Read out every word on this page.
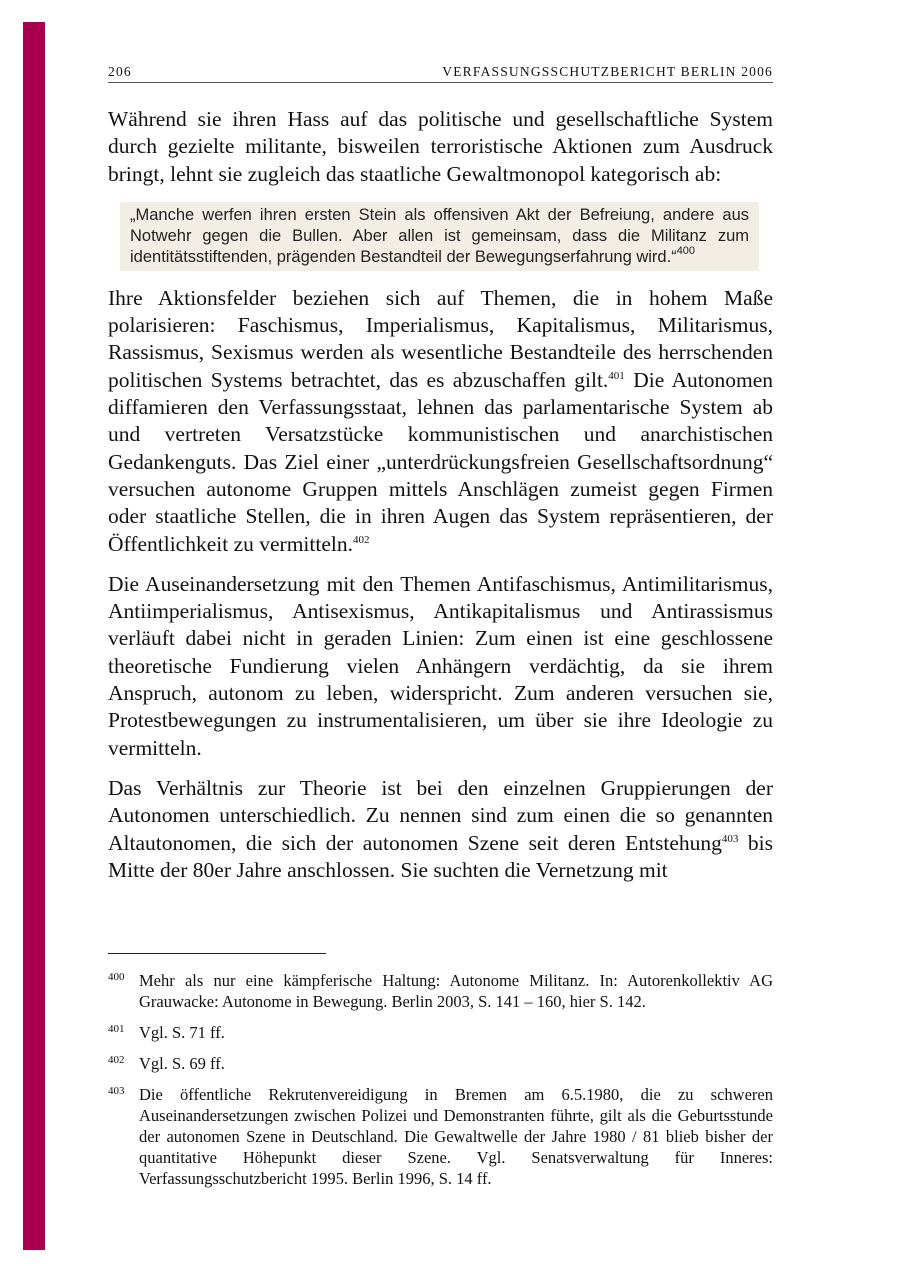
206	VERFASSUNGSSCHUTZBERICHT BERLIN 2006

Während sie ihren Hass auf das politische und gesellschaftliche System durch gezielte militante, bisweilen terroristische Aktionen zum Ausdruck bringt, lehnt sie zugleich das staatliche Gewaltmonopol kategorisch ab:

„Manche werfen ihren ersten Stein als offensiven Akt der Befreiung, andere aus Notwehr gegen die Bullen. Aber allen ist gemeinsam, dass die Militanz zum identitätsstiftenden, prägenden Bestandteil der Bewegungserfahrung wird.“$^{400}$

Ihre Aktionsfelder beziehen sich auf Themen, die in hohem Maße polarisieren: Faschismus, Imperialismus, Kapitalismus, Militarismus, Rassismus, Sexismus werden als wesentliche Bestandteile des herrschenden politischen Systems betrachtet, das es abzuschaffen gilt.$^{401}$ Die Autonomen diffamieren den Verfassungsstaat, lehnen das parlamentarische System ab und vertreten Versatzstücke kommunistischen und anarchistischen Gedankenguts. Das Ziel einer „unterdrückungsfreien Gesellschaftsordnung“ versuchen autonome Gruppen mittels Anschlägen zumeist gegen Firmen oder staatliche Stellen, die in ihren Augen das System repräsentieren, der Öffentlichkeit zu vermitteln.$^{402}$

Die Auseinandersetzung mit den Themen Antifaschismus, Antimilitarismus, Antiimperialismus, Antisexismus, Antikapitalismus und Antirassismus verläuft dabei nicht in geraden Linien: Zum einen ist eine geschlossene theoretische Fundierung vielen Anhängern verdächtig, da sie ihrem Anspruch, autonom zu leben, widerspricht. Zum anderen versuchen sie, Protestbewegungen zu instrumentalisieren, um über sie ihre Ideologie zu vermitteln.

Das Verhältnis zur Theorie ist bei den einzelnen Gruppierungen der Autonomen unterschiedlich. Zu nennen sind zum einen die so genannten Altautonomen, die sich der autonomen Szene seit deren Entstehung$^{403}$ bis Mitte der 80er Jahre anschlossen. Sie suchten die Vernetzung mit

400 Mehr als nur eine kämpferische Haltung: Autonome Militanz. In: Autorenkollektiv AG Grauwacke: Autonome in Bewegung. Berlin 2003, S. 141 – 160, hier S. 142.
401 Vgl. S. 71 ff.
402 Vgl. S. 69 ff.
403 Die öffentliche Rekrutenvereidigung in Bremen am 6.5.1980, die zu schweren Auseinandersetzungen zwischen Polizei und Demonstranten führte, gilt als die Geburtsstunde der autonomen Szene in Deutschland. Die Gewaltwelle der Jahre 1980 / 81 blieb bisher der quantitative Höhepunkt dieser Szene. Vgl. Senatsverwaltung für Inneres: Verfassungsschutzbericht 1995. Berlin 1996, S. 14 ff.
